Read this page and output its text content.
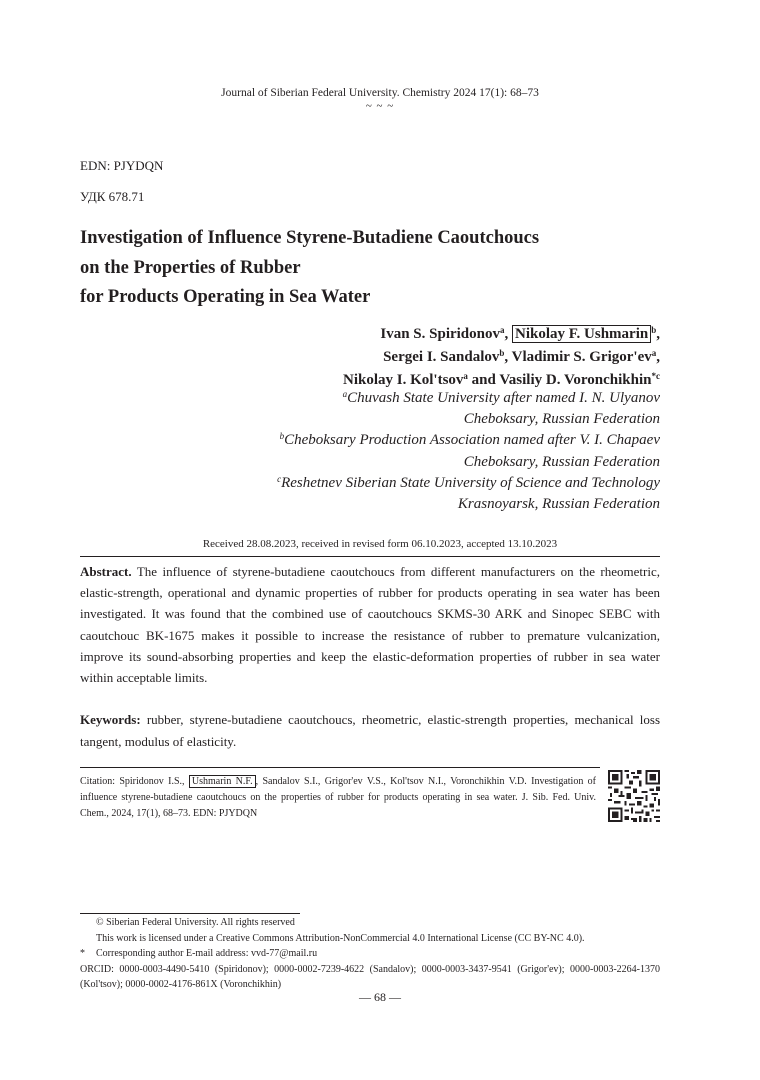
Journal of Siberian Federal University. Chemistry 2024 17(1): 68–73
~ ~ ~
EDN: PJYDQN
УДК 678.71
Investigation of Influence Styrene-Butadiene Caoutchoucs
on the Properties of Rubber
for Products Operating in Sea Water
Ivan S. Spiridonov$^a$, Nikolay F. Ushmarin $^b$,
Sergei I. Sandalov$^b$, Vladimir S. $Grigor'ev^a$,
Nikolay I. Kol'tsov$^a$ and Vasiliy D. Voronchikhin$^{*c}$
$^a$Chuvash State University after named I. N. Ulyanov
Cheboksary, Russian Federation
$^b$Cheboksary Production Association named after V. I. Chapaev
Cheboksary, Russian Federation
$^c$Reshetnev Siberian State University of Science and Technology
Krasnoyarsk, Russian Federation
Received 28.08.2023, received in revised form 06.10.2023, accepted 13.10.2023
Abstract. The influence of styrene-butadiene caoutchoucs from different manufacturers on the rheometric, elastic-strength, operational and dynamic properties of rubber for products operating in sea water has been investigated. It was found that the combined use of caoutchoucs SKMS-30 ARK and Sinopec SEBC with caoutchouc BK-1675 makes it possible to increase the resistance of rubber to premature vulcanization, improve its sound-absorbing properties and keep the elastic-deformation properties of rubber in sea water within acceptable limits.
Keywords: rubber, styrene-butadiene caoutchoucs, rheometric, elastic-strength properties, mechanical loss tangent, modulus of elasticity.
Citation: Spiridonov I.S., Ushmarin N.F. , Sandalov S.I., Grigor'ev V.S., Kol'tsov N.I., Voronchikhin V.D. Investigation of influence styrene-butadiene caoutchoucs on the properties of rubber for products operating in sea water. J. Sib. Fed. Univ. Chem., 2024, 17(1), 68–73. EDN: PJYDQN
© Siberian Federal University. All rights reserved
This work is licensed under a Creative Commons Attribution-NonCommercial 4.0 International License (CC BY-NC 4.0).
* Corresponding author E-mail address: vvd-77@mail.ru
ORCID: 0000-0003-4490-5410 (Spiridonov); 0000-0002-7239-4622 (Sandalov); 0000-0003-3437-9541 (Grigor'ev); 0000-0003-2264-1370 (Kol'tsov); 0000-0002-4176-861X (Voronchikhin)
— 68 —
